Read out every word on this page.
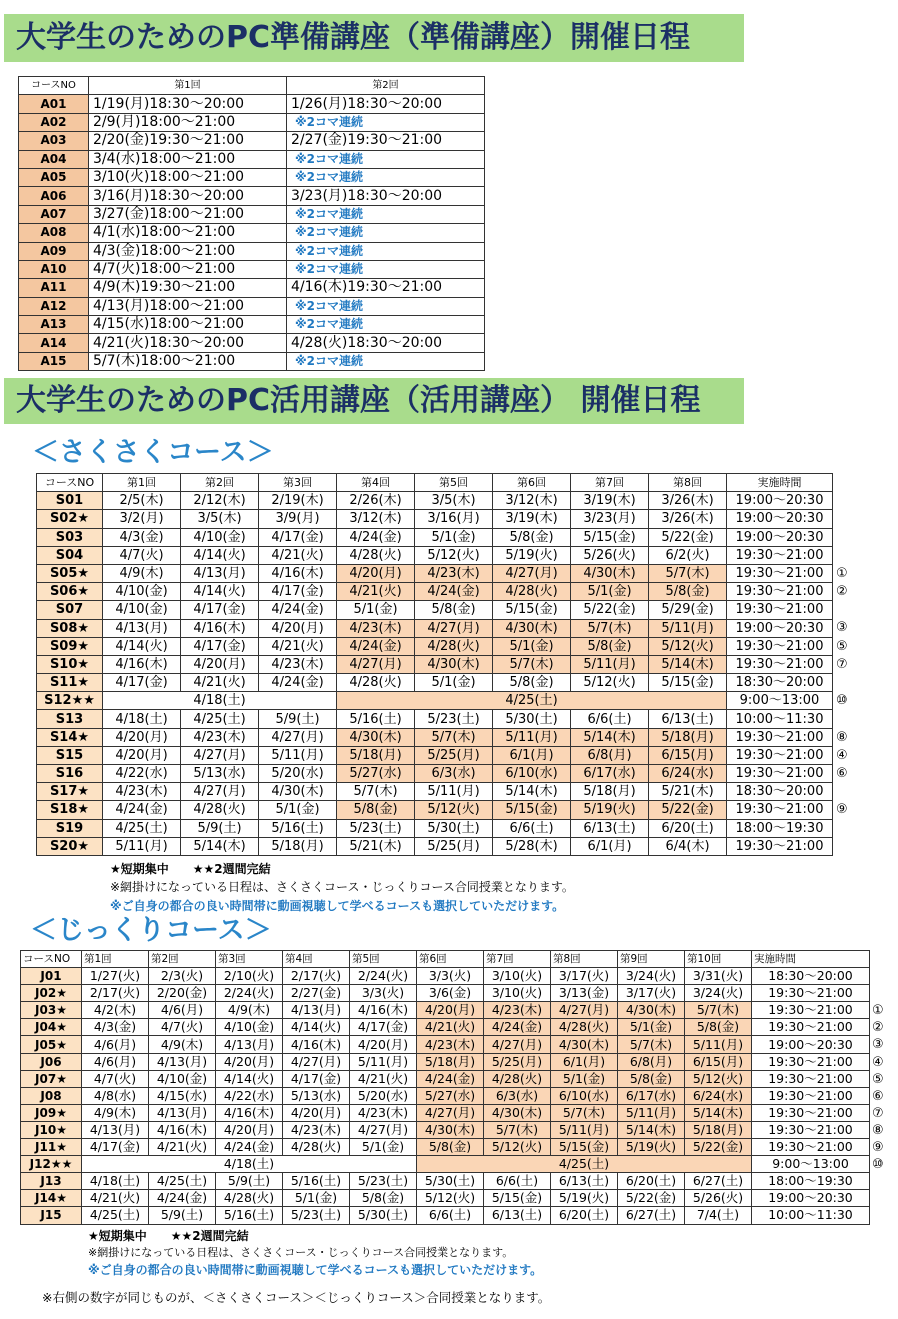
大学生のためのPC準備講座（準備講座）開催日程
コースNO	第1回	第2回
A01	1/19(月)18:30～20:00	1/26(月)18:30～20:00
A02	2/9(月)18:00～21:00	※2コマ連続
A03	2/20(金)19:30～21:00	2/27(金)19:30～21:00
A04	3/4(水)18:00～21:00	※2コマ連続
A05	3/10(火)18:00～21:00	※2コマ連続
A06	3/16(月)18:30～20:00	3/23(月)18:30～20:00
A07	3/27(金)18:00～21:00	※2コマ連続
A08	4/1(水)18:00～21:00	※2コマ連続
A09	4/3(金)18:00～21:00	※2コマ連続
A10	4/7(火)18:00～21:00	※2コマ連続
A11	4/9(木)19:30～21:00	4/16(木)19:30～21:00
A12	4/13(月)18:00～21:00	※2コマ連続
A13	4/15(水)18:00～21:00	※2コマ連続
A14	4/21(火)18:30～20:00	4/28(火)18:30～20:00
A15	5/7(木)18:00～21:00	※2コマ連続
大学生のためのPC活用講座（活用講座） 開催日程
＜さくさくコース＞
コースNO	第1回	第2回	第3回	第4回	第5回	第6回	第7回	第8回	実施時間
S01	2/5(木)	2/12(木)	2/19(木)	2/26(木)	3/5(木)	3/12(木)	3/19(木)	3/26(木)	19:00～20:30
S02★	3/2(月)	3/5(木)	3/9(月)	3/12(木)	3/16(月)	3/19(木)	3/23(月)	3/26(木)	19:00～20:30
S03	4/3(金)	4/10(金)	4/17(金)	4/24(金)	5/1(金)	5/8(金)	5/15(金)	5/22(金)	19:00～20:30
S04	4/7(火)	4/14(火)	4/21(火)	4/28(火)	5/12(火)	5/19(火)	5/26(火)	6/2(火)	19:30～21:00
S05★	4/9(木)	4/13(月)	4/16(木)	4/20(月)	4/23(木)	4/27(月)	4/30(木)	5/7(木)	19:30～21:00
S06★	4/10(金)	4/14(火)	4/17(金)	4/21(火)	4/24(金)	4/28(火)	5/1(金)	5/8(金)	19:30～21:00
S07	4/10(金)	4/17(金)	4/24(金)	5/1(金)	5/8(金)	5/15(金)	5/22(金)	5/29(金)	19:30～21:00
S08★	4/13(月)	4/16(木)	4/20(月)	4/23(木)	4/27(月)	4/30(木)	5/7(木)	5/11(月)	19:00～20:30
S09★	4/14(火)	4/17(金)	4/21(火)	4/24(金)	4/28(火)	5/1(金)	5/8(金)	5/12(火)	19:30～21:00
S10★	4/16(木)	4/20(月)	4/23(木)	4/27(月)	4/30(木)	5/7(木)	5/11(月)	5/14(木)	19:30～21:00
S11★	4/17(金)	4/21(火)	4/24(金)	4/28(火)	5/1(金)	5/8(金)	5/12(火)	5/15(金)	18:30～20:00
S12★★	4/18(土)			4/25(土)					9:00～13:00
S13	4/18(土)	4/25(土)	5/9(土)	5/16(土)	5/23(土)	5/30(土)	6/6(土)	6/13(土)	10:00～11:30
S14★	4/20(月)	4/23(木)	4/27(月)	4/30(木)	5/7(木)	5/11(月)	5/14(木)	5/18(月)	19:30～21:00
S15	4/20(月)	4/27(月)	5/11(月)	5/18(月)	5/25(月)	6/1(月)	6/8(月)	6/15(月)	19:30～21:00
S16	4/22(水)	5/13(水)	5/20(水)	5/27(水)	6/3(水)	6/10(水)	6/17(水)	6/24(水)	19:30～21:00
S17★	4/23(木)	4/27(月)	4/30(木)	5/7(木)	5/11(月)	5/14(木)	5/18(月)	5/21(木)	18:30～20:00
S18★	4/24(金)	4/28(火)	5/1(金)	5/8(金)	5/12(火)	5/15(金)	5/19(火)	5/22(金)	19:30～21:00
S19	4/25(土)	5/9(土)	5/16(土)	5/23(土)	5/30(土)	6/6(土)	6/13(土)	6/20(土)	18:00～19:30
S20★	5/11(月)	5/14(木)	5/18(月)	5/21(木)	5/25(月)	5/28(木)	6/1(月)	6/4(木)	19:30～21:00
①
②
③
⑤
⑦
⑩
⑧
④
⑥
⑨
★短期集中　　★★2週間完結
※網掛けになっている日程は、さくさくコース・じっくりコース合同授業となります。
※ご自身の都合の良い時間帯に動画視聴して学べるコースも選択していただけます。
＜じっくりコース＞
コースNO	第1回	第2回	第3回	第4回	第5回	第6回	第7回	第8回	第9回	第10回	実施時間
J01	1/27(火)	2/3(火)	2/10(火)	2/17(火)	2/24(火)	3/3(火)	3/10(火)	3/17(火)	3/24(火)	3/31(火)	18:30～20:00
J02★	2/17(火)	2/20(金)	2/24(火)	2/27(金)	3/3(火)	3/6(金)	3/10(火)	3/13(金)	3/17(火)	3/24(火)	19:30～21:00
J03★	4/2(木)	4/6(月)	4/9(木)	4/13(月)	4/16(木)	4/20(月)	4/23(木)	4/27(月)	4/30(木)	5/7(木)	19:30～21:00
J04★	4/3(金)	4/7(火)	4/10(金)	4/14(火)	4/17(金)	4/21(火)	4/24(金)	4/28(火)	5/1(金)	5/8(金)	19:30～21:00
J05★	4/6(月)	4/9(木)	4/13(月)	4/16(木)	4/20(月)	4/23(木)	4/27(月)	4/30(木)	5/7(木)	5/11(月)	19:00～20:30
J06	4/6(月)	4/13(月)	4/20(月)	4/27(月)	5/11(月)	5/18(月)	5/25(月)	6/1(月)	6/8(月)	6/15(月)	19:30～21:00
J07★	4/7(火)	4/10(金)	4/14(火)	4/17(金)	4/21(火)	4/24(金)	4/28(火)	5/1(金)	5/8(金)	5/12(火)	19:30～21:00
J08	4/8(水)	4/15(水)	4/22(水)	5/13(水)	5/20(水)	5/27(水)	6/3(水)	6/10(水)	6/17(水)	6/24(水)	19:30～21:00
J09★	4/9(木)	4/13(月)	4/16(木)	4/20(月)	4/23(木)	4/27(月)	4/30(木)	5/7(木)	5/11(月)	5/14(木)	19:30～21:00
J10★	4/13(月)	4/16(木)	4/20(月)	4/23(木)	4/27(月)	4/30(木)	5/7(木)	5/11(月)	5/14(木)	5/18(月)	19:30～21:00
J11★	4/17(金)	4/21(火)	4/24(金)	4/28(火)	5/1(金)	5/8(金)	5/12(火)	5/15(金)	5/19(火)	5/22(金)	19:30～21:00
J12★★	4/18(土)					4/25(土)					9:00～13:00
J13	4/18(土)	4/25(土)	5/9(土)	5/16(土)	5/23(土)	5/30(土)	6/6(土)	6/13(土)	6/20(土)	6/27(土)	18:00～19:30
J14★	4/21(火)	4/24(金)	4/28(火)	5/1(金)	5/8(金)	5/12(火)	5/15(金)	5/19(火)	5/22(金)	5/26(火)	19:00～20:30
J15	4/25(土)	5/9(土)	5/16(土)	5/23(土)	5/30(土)	6/6(土)	6/13(土)	6/20(土)	6/27(土)	7/4(土)	10:00～11:30
①
②
③
④
⑤
⑥
⑦
⑧
⑨
⑩
★短期集中　　★★2週間完結
※網掛けになっている日程は、さくさくコース・じっくりコース合同授業となります。
※ご自身の都合の良い時間帯に動画視聴して学べるコースも選択していただけます。
※右側の数字が同じものが、＜さくさくコース＞＜じっくりコース＞合同授業となります。
